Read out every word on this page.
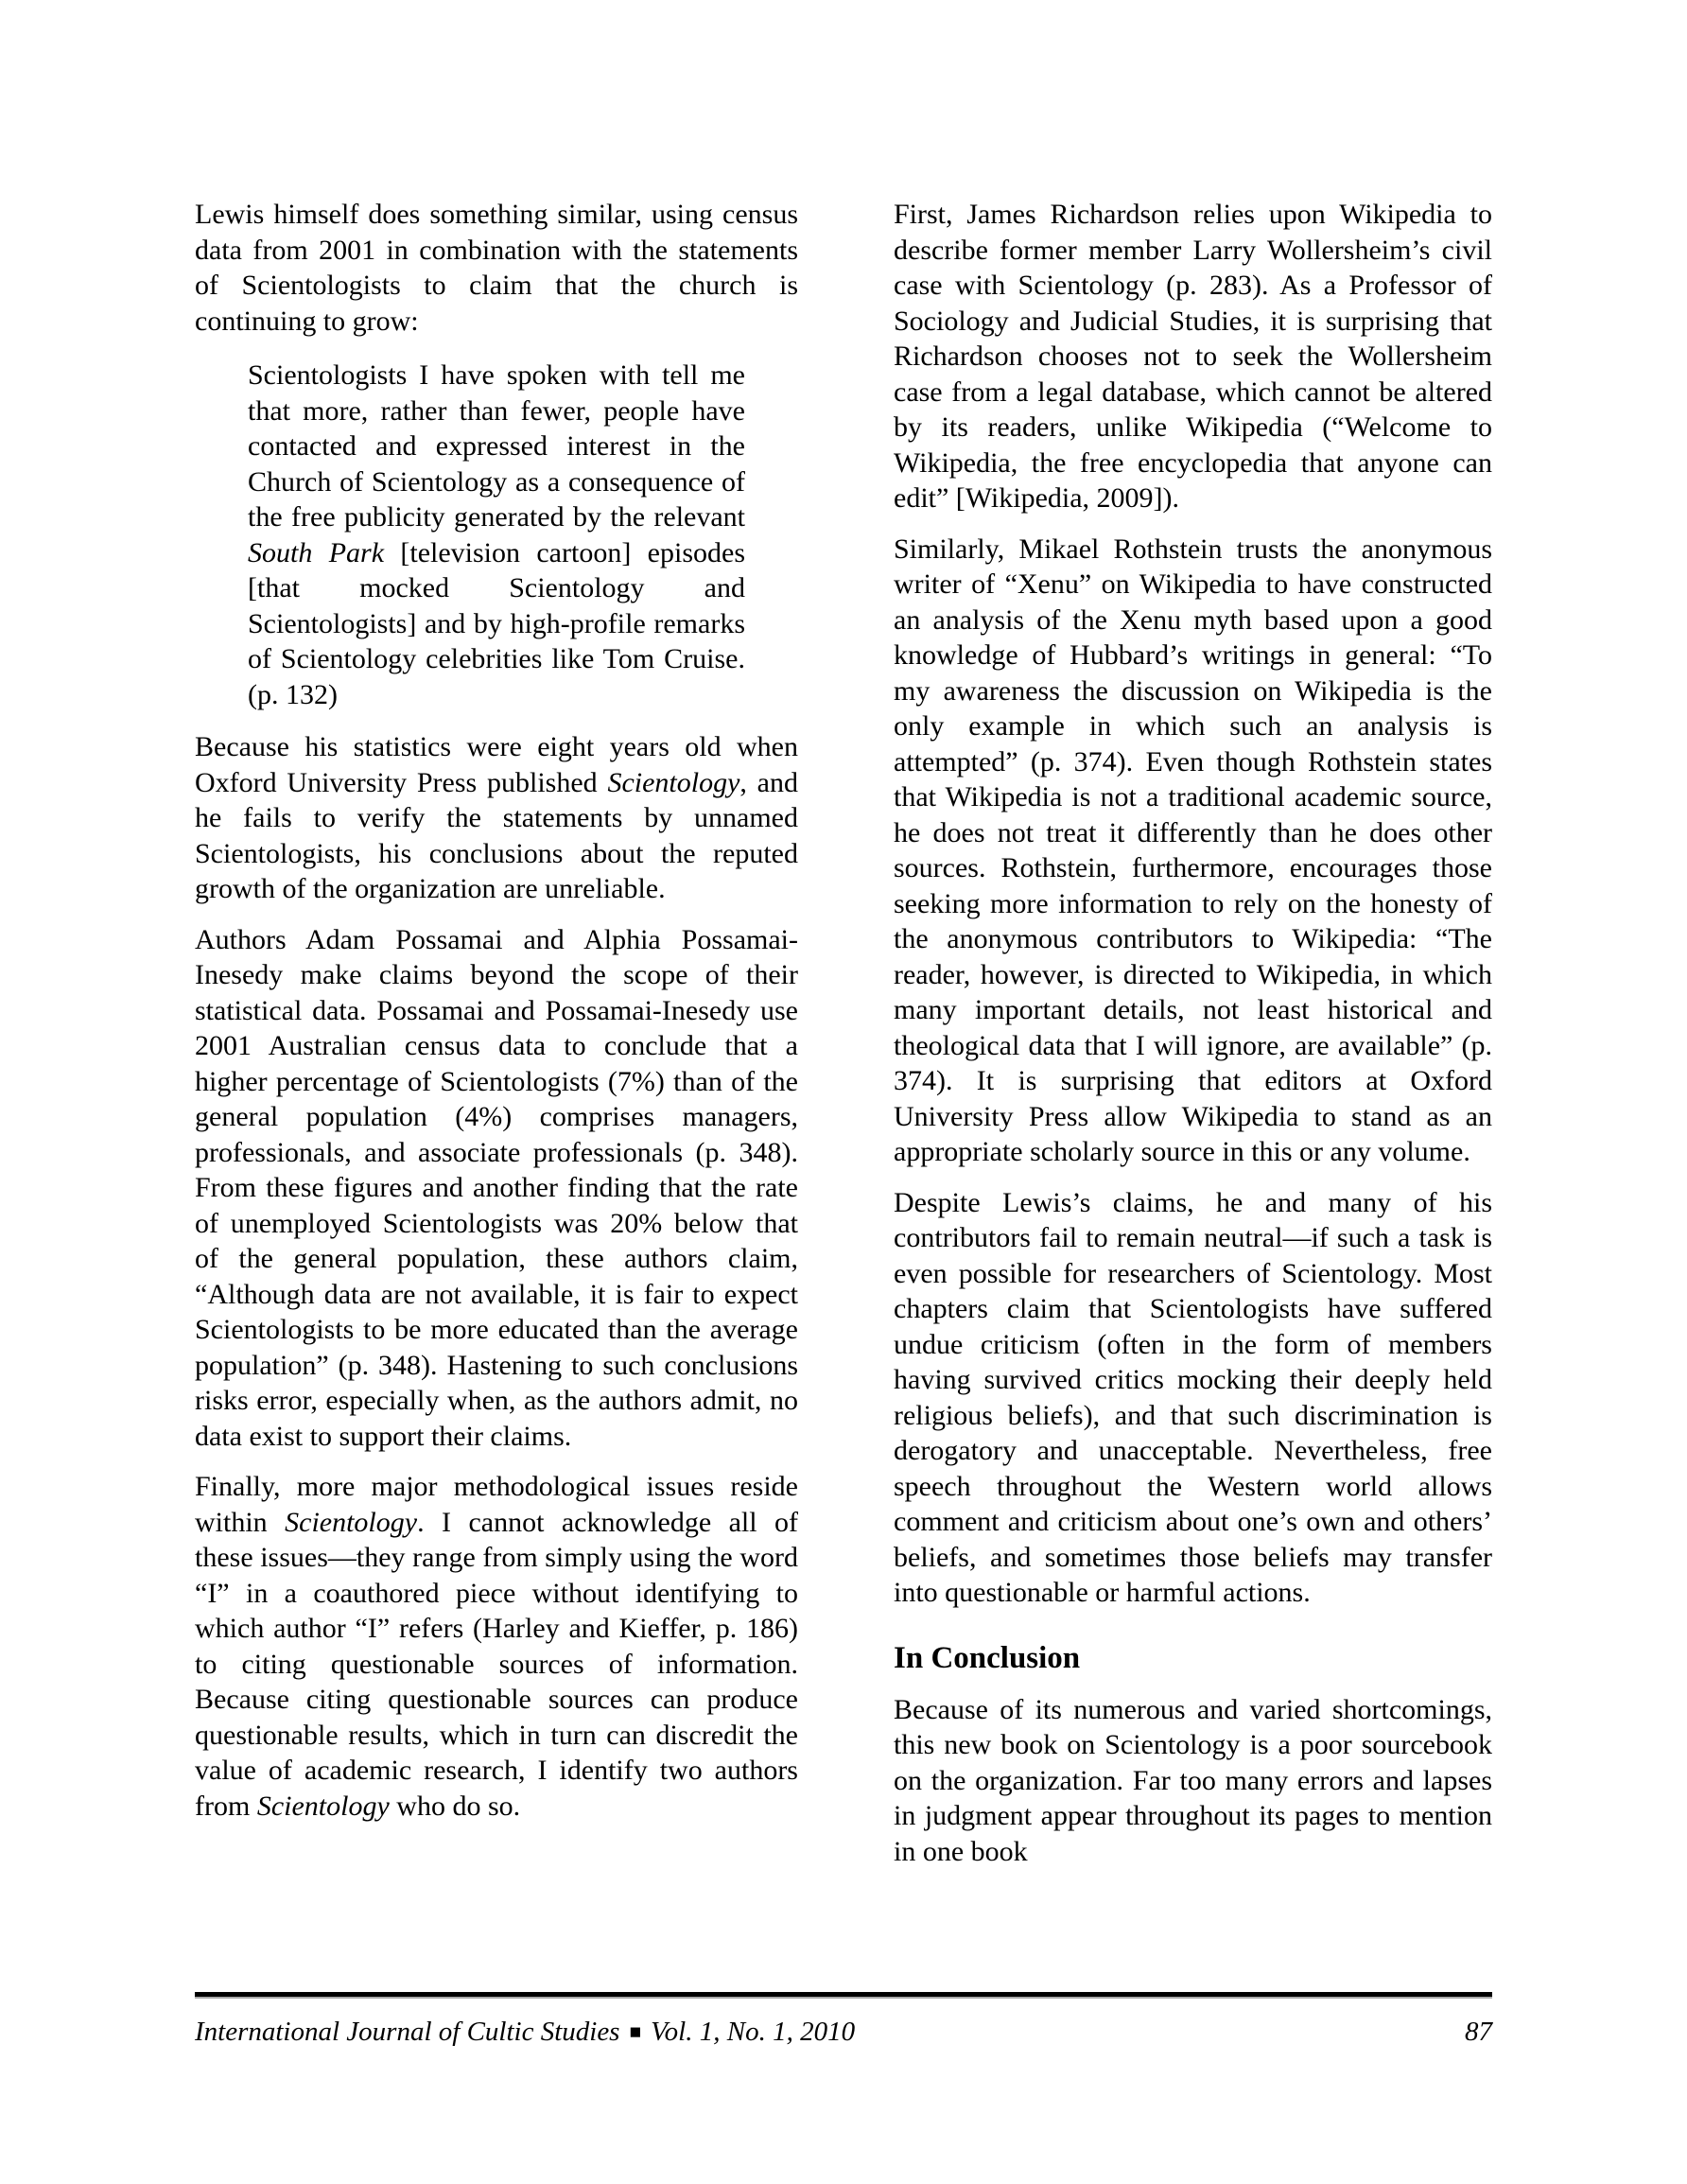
Lewis himself does something similar, using census data from 2001 in combination with the statements of Scientologists to claim that the church is continuing to grow:

Scientologists I have spoken with tell me that more, rather than fewer, people have contacted and expressed interest in the Church of Scientology as a consequence of the free publicity generated by the relevant South Park [television cartoon] episodes [that mocked Scientology and Scientologists] and by high-profile remarks of Scientology celebrities like Tom Cruise. (p. 132)

Because his statistics were eight years old when Oxford University Press published Scientology, and he fails to verify the statements by unnamed Scientologists, his conclusions about the reputed growth of the organization are unreliable.

Authors Adam Possamai and Alphia Possamai-Inesedy make claims beyond the scope of their statistical data. Possamai and Possamai-Inesedy use 2001 Australian census data to conclude that a higher percentage of Scientologists (7%) than of the general population (4%) comprises managers, professionals, and associate professionals (p. 348). From these figures and another finding that the rate of unemployed Scientologists was 20% below that of the general population, these authors claim, “Although data are not available, it is fair to expect Scientologists to be more educated than the average population” (p. 348). Hastening to such conclusions risks error, especially when, as the authors admit, no data exist to support their claims.

Finally, more major methodological issues reside within Scientology. I cannot acknowledge all of these issues—they range from simply using the word “I” in a coauthored piece without identifying to which author “I” refers (Harley and Kieffer, p. 186) to citing questionable sources of information. Because citing questionable sources can produce questionable results, which in turn can discredit the value of academic research, I identify two authors from Scientology who do so.

First, James Richardson relies upon Wikipedia to describe former member Larry Wollersheim’s civil case with Scientology (p. 283). As a Professor of Sociology and Judicial Studies, it is surprising that Richardson chooses not to seek the Wollersheim case from a legal database, which cannot be altered by its readers, unlike Wikipedia (“Welcome to Wikipedia, the free encyclopedia that anyone can edit” [Wikipedia, 2009]).

Similarly, Mikael Rothstein trusts the anonymous writer of “Xenu” on Wikipedia to have constructed an analysis of the Xenu myth based upon a good knowledge of Hubbard’s writings in general: “To my awareness the discussion on Wikipedia is the only example in which such an analysis is attempted” (p. 374). Even though Rothstein states that Wikipedia is not a traditional academic source, he does not treat it differently than he does other sources. Rothstein, furthermore, encourages those seeking more information to rely on the honesty of the anonymous contributors to Wikipedia: “The reader, however, is directed to Wikipedia, in which many important details, not least historical and theological data that I will ignore, are available” (p. 374). It is surprising that editors at Oxford University Press allow Wikipedia to stand as an appropriate scholarly source in this or any volume.

Despite Lewis’s claims, he and many of his contributors fail to remain neutral—if such a task is even possible for researchers of Scientology. Most chapters claim that Scientologists have suffered undue criticism (often in the form of members having survived critics mocking their deeply held religious beliefs), and that such discrimination is derogatory and unacceptable. Nevertheless, free speech throughout the Western world allows comment and criticism about one’s own and others’ beliefs, and sometimes those beliefs may transfer into questionable or harmful actions.

In Conclusion

Because of its numerous and varied shortcomings, this new book on Scientology is a poor sourcebook on the organization. Far too many errors and lapses in judgment appear throughout its pages to mention in one book

International Journal of Cultic Studies ■ Vol. 1, No. 1, 2010	87
